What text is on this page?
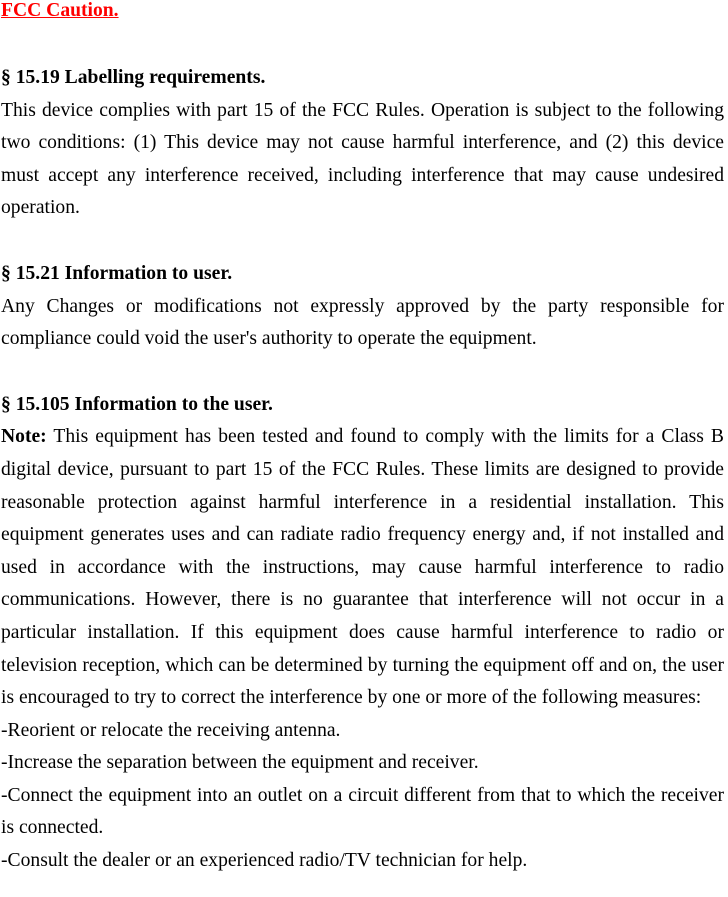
FCC Caution.

§ 15.19 Labelling requirements.

This device complies with part 15 of the FCC Rules. Operation is subject to the following two conditions: (1) This device may not cause harmful interference, and (2) this device must accept any interference received, including interference that may cause undesired operation.

§ 15.21 Information to user.

Any Changes or modifications not expressly approved by the party responsible for compliance could void the user's authority to operate the equipment.

§ 15.105 Information to the user.

Note: This equipment has been tested and found to comply with the limits for a Class B digital device, pursuant to part 15 of the FCC Rules. These limits are designed to provide reasonable protection against harmful interference in a residential installation. This equipment generates uses and can radiate radio frequency energy and, if not installed and used in accordance with the instructions, may cause harmful interference to radio communications. However, there is no guarantee that interference will not occur in a particular installation. If this equipment does cause harmful interference to radio or television reception, which can be determined by turning the equipment off and on, the user is encouraged to try to correct the interference by one or more of the following measures:

-Reorient or relocate the receiving antenna.

-Increase the separation between the equipment and receiver.

-Connect the equipment into an outlet on a circuit different from that to which the receiver is connected.

-Consult the dealer or an experienced radio/TV technician for help.
